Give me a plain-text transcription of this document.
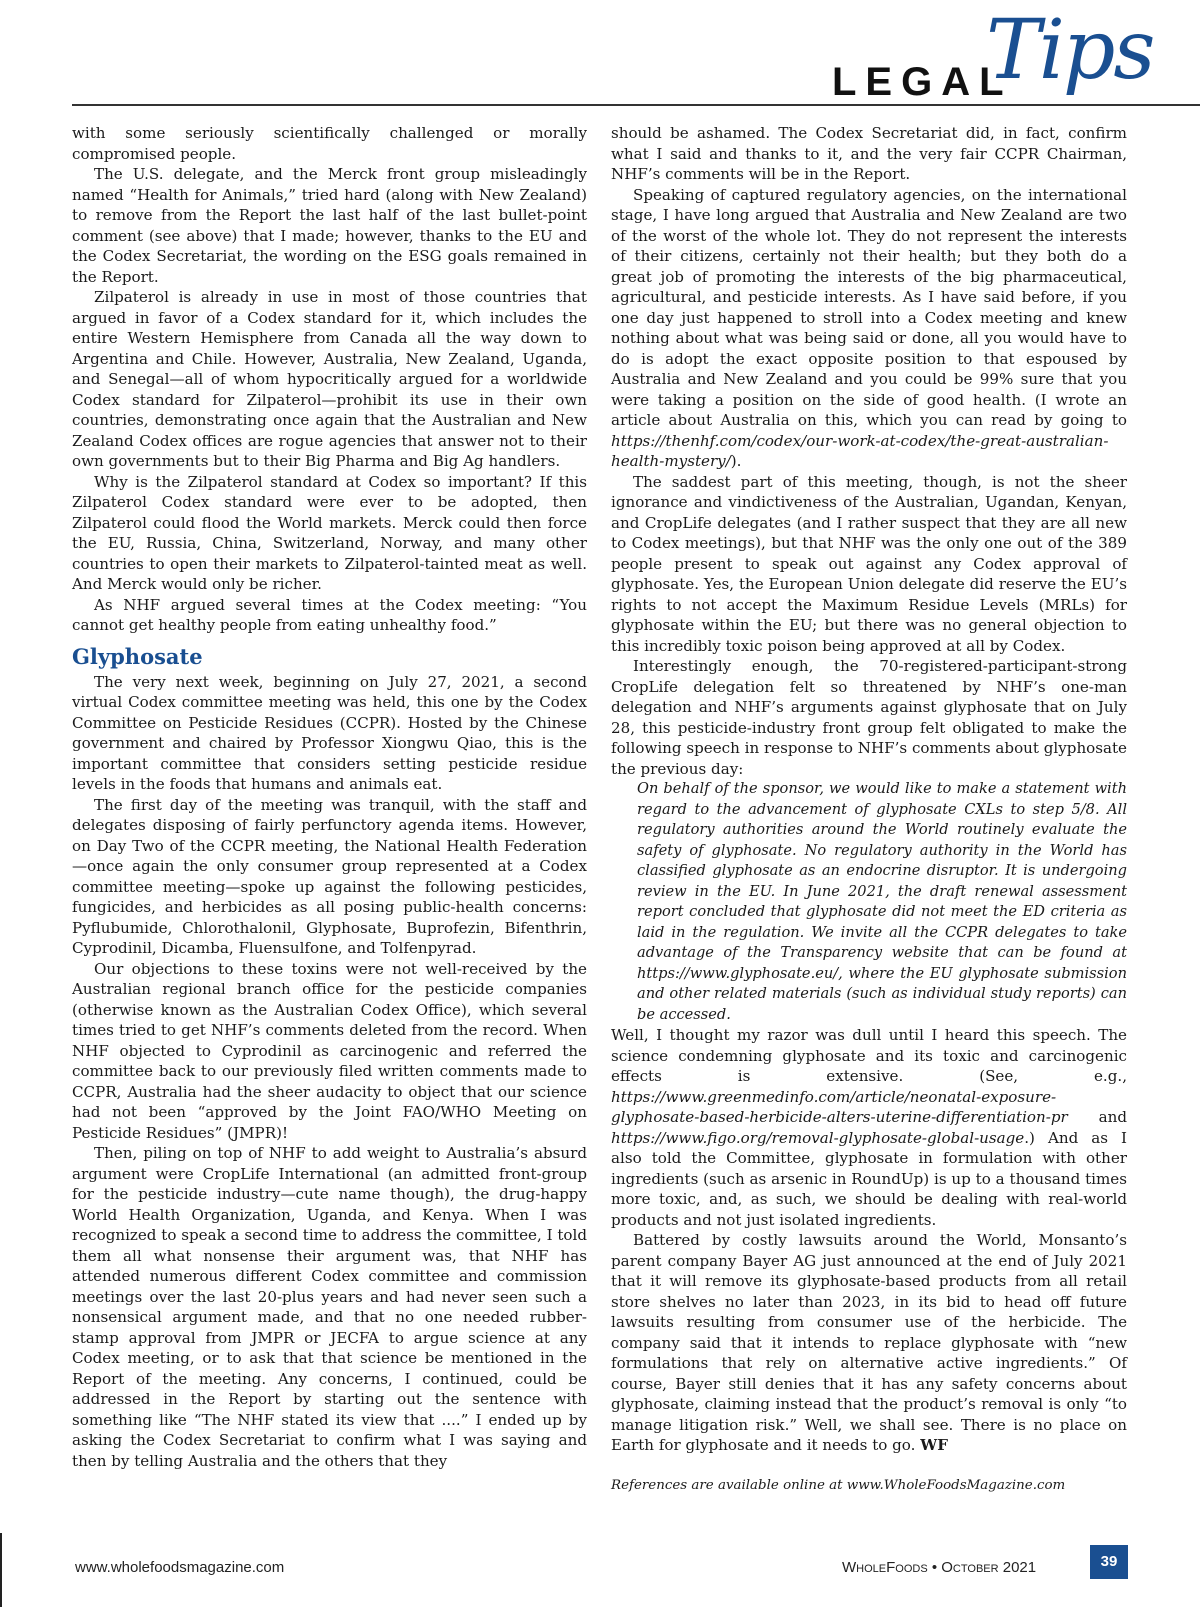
LEGAL
Tips

with some seriously scientifically challenged or morally compromised people.

The U.S. delegate, and the Merck front group misleadingly named “Health for Animals,” tried hard (along with New Zealand) to remove from the Report the last half of the last bullet-point comment (see above) that I made; however, thanks to the EU and the Codex Secretariat, the wording on the ESG goals remained in the Report.

Zilpaterol is already in use in most of those countries that argued in favor of a Codex standard for it, which includes the entire Western Hemisphere from Canada all the way down to Argentina and Chile. However, Australia, New Zealand, Uganda, and Senegal—all of whom hypocritically argued for a worldwide Codex standard for Zilpaterol—prohibit its use in their own countries, demonstrating once again that the Australian and New Zealand Codex offices are rogue agencies that answer not to their own governments but to their Big Pharma and Big Ag handlers.

Why is the Zilpaterol standard at Codex so important? If this Zilpaterol Codex standard were ever to be adopted, then Zilpaterol could flood the World markets. Merck could then force the EU, Russia, China, Switzerland, Norway, and many other countries to open their markets to Zilpaterol-tainted meat as well. And Merck would only be richer.

As NHF argued several times at the Codex meeting: “You cannot get healthy people from eating unhealthy food.”

Glyphosate

The very next week, beginning on July 27, 2021, a second virtual Codex committee meeting was held, this one by the Codex Committee on Pesticide Residues (CCPR). Hosted by the Chinese government and chaired by Professor Xiongwu Qiao, this is the important committee that considers setting pesticide residue levels in the foods that humans and animals eat.

The first day of the meeting was tranquil, with the staff and delegates disposing of fairly perfunctory agenda items. However, on Day Two of the CCPR meeting, the National Health Federation—once again the only consumer group represented at a Codex committee meeting—spoke up against the following pesticides, fungicides, and herbicides as all posing public-health concerns: Pyflubumide, Chlorothalonil, Glyphosate, Buprofezin, Bifenthrin, Cyprodinil, Dicamba, Fluensulfone, and Tolfenpyrad.

Our objections to these toxins were not well-received by the Australian regional branch office for the pesticide companies (otherwise known as the Australian Codex Office), which several times tried to get NHF’s comments deleted from the record. When NHF objected to Cyprodinil as carcinogenic and referred the committee back to our previously filed written comments made to CCPR, Australia had the sheer audacity to object that our science had not been “approved by the Joint FAO/WHO Meeting on Pesticide Residues” (JMPR)!

Then, piling on top of NHF to add weight to Australia’s absurd argument were CropLife International (an admitted front-group for the pesticide industry—cute name though), the drug-happy World Health Organization, Uganda, and Kenya. When I was recognized to speak a second time to address the committee, I told them all what nonsense their argument was, that NHF has attended numerous different Codex committee and commission meetings over the last 20-plus years and had never seen such a nonsensical argument made, and that no one needed rubber-stamp approval from JMPR or JECFA to argue science at any Codex meeting, or to ask that that science be mentioned in the Report of the meeting. Any concerns, I continued, could be addressed in the Report by starting out the sentence with something like “The NHF stated its view that ....” I ended up by asking the Codex Secretariat to confirm what I was saying and then by telling Australia and the others that they

should be ashamed. The Codex Secretariat did, in fact, confirm what I said and thanks to it, and the very fair CCPR Chairman, NHF’s comments will be in the Report.

Speaking of captured regulatory agencies, on the international stage, I have long argued that Australia and New Zealand are two of the worst of the whole lot. They do not represent the interests of their citizens, certainly not their health; but they both do a great job of promoting the interests of the big pharmaceutical, agricultural, and pesticide interests. As I have said before, if you one day just happened to stroll into a Codex meeting and knew nothing about what was being said or done, all you would have to do is adopt the exact opposite position to that espoused by Australia and New Zealand and you could be 99% sure that you were taking a position on the side of good health. (I wrote an article about Australia on this, which you can read by going to https://thenhf.com/codex/our-work-at-codex/the-great-australian-health-mystery/).

The saddest part of this meeting, though, is not the sheer ignorance and vindictiveness of the Australian, Ugandan, Kenyan, and CropLife delegates (and I rather suspect that they are all new to Codex meetings), but that NHF was the only one out of the 389 people present to speak out against any Codex approval of glyphosate. Yes, the European Union delegate did reserve the EU’s rights to not accept the Maximum Residue Levels (MRLs) for glyphosate within the EU; but there was no general objection to this incredibly toxic poison being approved at all by Codex.

Interestingly enough, the 70-registered-participant-strong CropLife delegation felt so threatened by NHF’s one-man delegation and NHF’s arguments against glyphosate that on July 28, this pesticide-industry front group felt obligated to make the following speech in response to NHF’s comments about glyphosate the previous day:

On behalf of the sponsor, we would like to make a statement with regard to the advancement of glyphosate CXLs to step 5/8. All regulatory authorities around the World routinely evaluate the safety of glyphosate. No regulatory authority in the World has classified glyphosate as an endocrine disruptor. It is undergoing review in the EU. In June 2021, the draft renewal assessment report concluded that glyphosate did not meet the ED criteria as laid in the regulation. We invite all the CCPR delegates to take advantage of the Transparency website that can be found at https://www.glyphosate.eu/, where the EU glyphosate submission and other related materials (such as individual study reports) can be accessed.

Well, I thought my razor was dull until I heard this speech. The science condemning glyphosate and its toxic and carcinogenic effects is extensive. (See, e.g., https://www.greenmedinfo.com/article/neonatal-exposure-glyphosate-based-herbicide-alters-uterine-differentiation-pr and https://www.figo.org/removal-glyphosate-global-usage.) And as I also told the Committee, glyphosate in formulation with other ingredients (such as arsenic in RoundUp) is up to a thousand times more toxic, and, as such, we should be dealing with real-world products and not just isolated ingredients.

Battered by costly lawsuits around the World, Monsanto’s parent company Bayer AG just announced at the end of July 2021 that it will remove its glyphosate-based products from all retail store shelves no later than 2023, in its bid to head off future lawsuits resulting from consumer use of the herbicide. The company said that it intends to replace glyphosate with “new formulations that rely on alternative active ingredients.” Of course, Bayer still denies that it has any safety concerns about glyphosate, claiming instead that the product’s removal is only “to manage litigation risk.” Well, we shall see. There is no place on Earth for glyphosate and it needs to go. WF

References are available online at www.WholeFoodsMagazine.com

www.wholefoodsmagazine.com	WholeFoods • October 2021	39
